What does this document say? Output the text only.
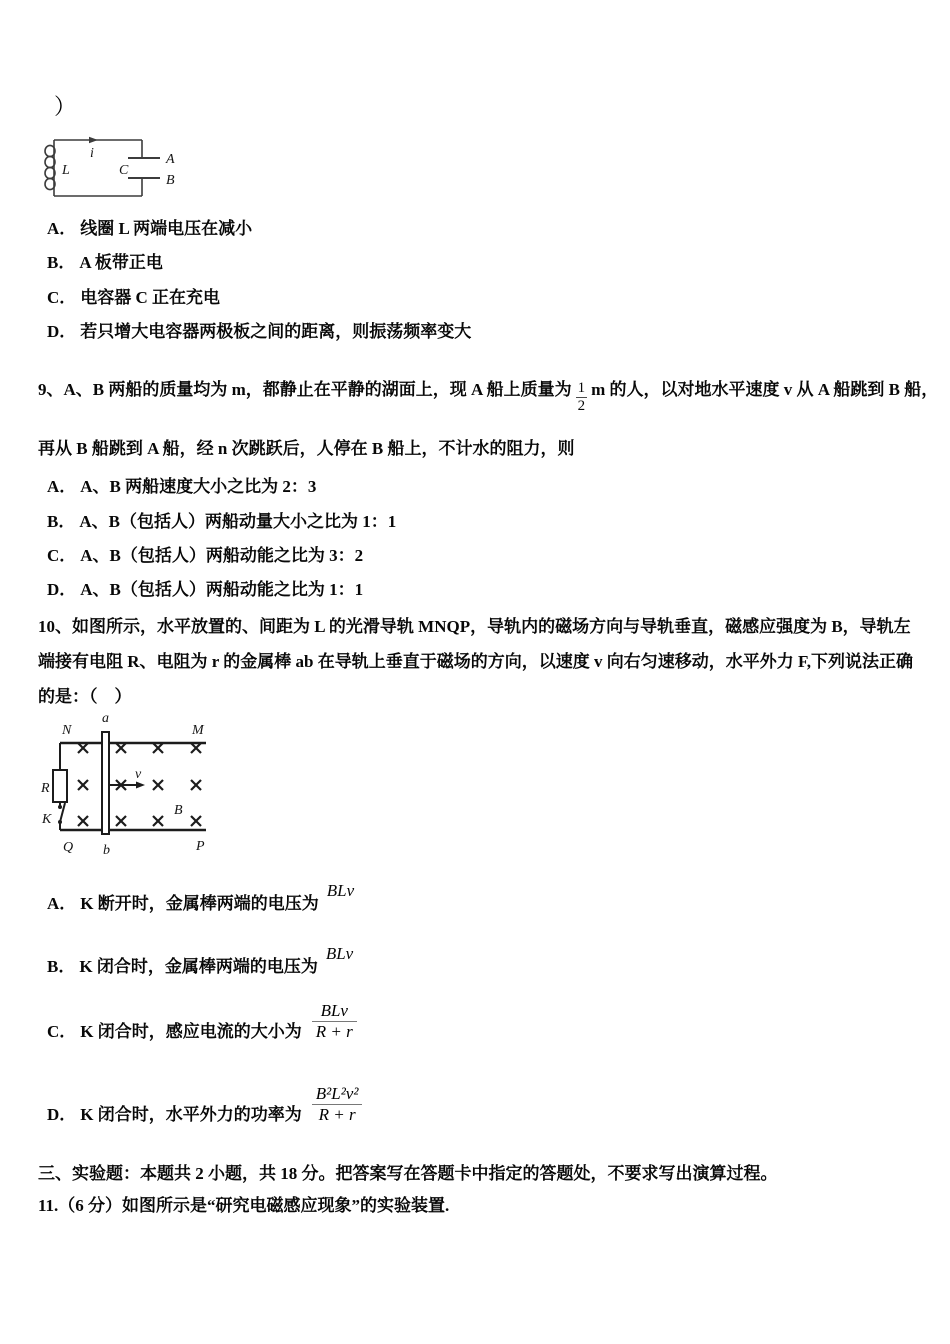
）
i
L	C
A
B
A． 线圈 L 两端电压在减小
B． A 板带正电
C． 电容器 C 正在充电
D． 若只增大电容器两极板之间的距离，则振荡频率变大
9、A、B 两船的质量均为 m，都静止在平静的湖面上，现 A 船上质量为 $\frac{1}{2}$ m 的人，以对地水平速度 v 从 A 船跳到 B 船，
再从 B 船跳到 A 船，经 n 次跳跃后，人停在 B 船上，不计水的阻力，则
A． A、B 两船速度大小之比为 2：3
B． A、B（包括人）两船动量大小之比为 1：1
C． A、B（包括人）两船动能之比为 3：2
D． A、B（包括人）两船动能之比为 1：1
10、如图所示，水平放置的、间距为 L 的光滑导轨 MNQP，导轨内的磁场方向与导轨垂直，磁感应强度为 B，导轨左
端接有电阻 R、电阻为 r 的金属棒 ab 在导轨上垂直于磁场的方向，以速度 v 向右匀速移动，水平外力 F,下列说法正确
的是：（　）
N	M
Q	P
a
b
R
K
B
v
A． K 断开时，金属棒两端的电压为BLv
B． K 闭合时，金属棒两端的电压为BLv
C． K 闭合时，感应电流的大小为 $\frac{\text{BLv}}{R + r}$
D． K 闭合时，水平外力的功率为 $\frac{\text{B²L²v²}}{R + r}$
三、实验题：本题共 2 小题，共 18 分。把答案写在答题卡中指定的答题处，不要求写出演算过程。
11.（6 分）如图所示是“研究电磁感应现象”的实验装置.
